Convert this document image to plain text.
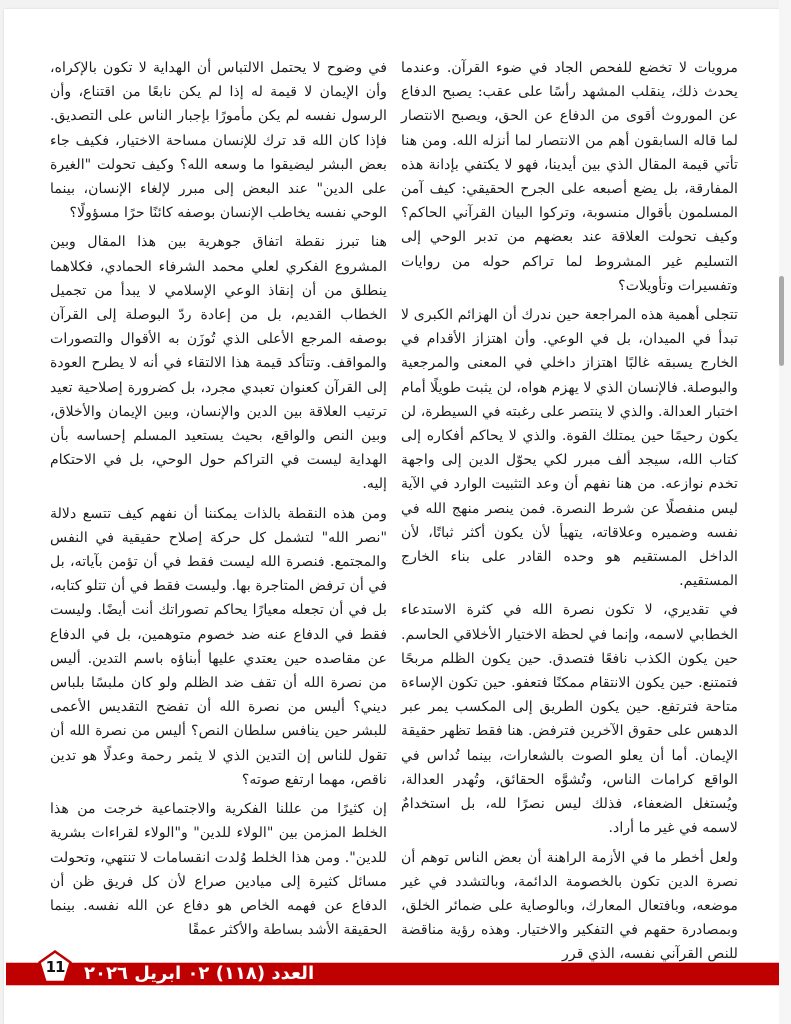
مرويات لا تخضع للفحص الجاد في ضوء القرآن. وعندما يحدث ذلك، ينقلب المشهد رأسًا على عقب: يصبح الدفاع عن الموروث أقوى من الدفاع عن الحق، ويصبح الانتصار لما قاله السابقون أهم من الانتصار لما أنزله الله. ومن هنا تأتي قيمة المقال الذي بين أيدينا، فهو لا يكتفي بإدانة هذه المفارقة، بل يضع أصبعه على الجرح الحقيقي: كيف آمن المسلمون بأقوال منسوبة، وتركوا البيان القرآني الحاكم؟ وكيف تحولت العلاقة عند بعضهم من تدبر الوحي إلى التسليم غير المشروط لما تراكم حوله من روايات وتفسيرات وتأويلات؟

تتجلى أهمية هذه المراجعة حين ندرك أن الهزائم الكبرى لا تبدأ في الميدان، بل في الوعي. وأن اهتزاز الأقدام في الخارج يسبقه غالبًا اهتزاز داخلي في المعنى والمرجعية والبوصلة. فالإنسان الذي لا يهزم هواه، لن يثبت طويلًا أمام اختبار العدالة. والذي لا ينتصر على رغبته في السيطرة، لن يكون رحيمًا حين يمتلك القوة. والذي لا يحاكم أفكاره إلى كتاب الله، سيجد ألف مبرر لكي يحوّل الدين إلى واجهة تخدم نوازعه. من هنا نفهم أن وعد التثبيت الوارد في الآية ليس منفصلًا عن شرط النصرة. فمن ينصر منهج الله في نفسه وضميره وعلاقاته، يتهيأ لأن يكون أكثر ثباتًا، لأن الداخل المستقيم هو وحده القادر على بناء الخارج المستقيم.

في تقديري، لا تكون نصرة الله في كثرة الاستدعاء الخطابي لاسمه، وإنما في لحظة الاختيار الأخلاقي الحاسم. حين يكون الكذب نافعًا فتصدق. حين يكون الظلم مربحًا فتمتنع. حين يكون الانتقام ممكنًا فتعفو. حين تكون الإساءة متاحة فترتفع. حين يكون الطريق إلى المكسب يمر عبر الدهس على حقوق الآخرين فترفض. هنا فقط تظهر حقيقة الإيمان. أما أن يعلو الصوت بالشعارات، بينما تُداس في الواقع كرامات الناس، وتُشوَّه الحقائق، وتُهدر العدالة، ويُستغل الضعفاء، فذلك ليس نصرًا لله، بل استخدامٌ لاسمه في غير ما أراد.

ولعل أخطر ما في الأزمة الراهنة أن بعض الناس توهم أن نصرة الدين تكون بالخصومة الدائمة، وبالتشدد في غير موضعه، وبافتعال المعارك، وبالوصاية على ضمائر الخلق، وبمصادرة حقهم في التفكير والاختيار. وهذه رؤية مناقضة للنص القرآني نفسه، الذي قرر

في وضوح لا يحتمل الالتباس أن الهداية لا تكون بالإكراه، وأن الإيمان لا قيمة له إذا لم يكن نابعًا من اقتناع، وأن الرسول نفسه لم يكن مأمورًا بإجبار الناس على التصديق. فإذا كان الله قد ترك للإنسان مساحة الاختيار، فكيف جاء بعض البشر ليضيقوا ما وسعه الله؟ وكيف تحولت "الغيرة على الدين" عند البعض إلى مبرر لإلغاء الإنسان، بينما الوحي نفسه يخاطب الإنسان بوصفه كائنًا حرًا مسؤولًا؟

هنا تبرز نقطة اتفاق جوهرية بين هذا المقال وبين المشروع الفكري لعلي محمد الشرفاء الحمادي، فكلاهما ينطلق من أن إنقاذ الوعي الإسلامي لا يبدأ من تجميل الخطاب القديم، بل من إعادة ردّ البوصلة إلى القرآن بوصفه المرجع الأعلى الذي تُوزَن به الأقوال والتصورات والمواقف. وتتأكد قيمة هذا الالتقاء في أنه لا يطرح العودة إلى القرآن كعنوان تعبدي مجرد، بل كضرورة إصلاحية تعيد ترتيب العلاقة بين الدين والإنسان، وبين الإيمان والأخلاق، وبين النص والواقع، بحيث يستعيد المسلم إحساسه بأن الهداية ليست في التراكم حول الوحي، بل في الاحتكام إليه.

ومن هذه النقطة بالذات يمكننا أن نفهم كيف تتسع دلالة "نصر الله" لتشمل كل حركة إصلاح حقيقية في النفس والمجتمع. فنصرة الله ليست فقط في أن تؤمن بآياته، بل في أن ترفض المتاجرة بها. وليست فقط في أن تتلو كتابه، بل في أن تجعله معيارًا يحاكم تصوراتك أنت أيضًا. وليست فقط في الدفاع عنه ضد خصوم متوهمين، بل في الدفاع عن مقاصده حين يعتدي عليها أبناؤه باسم التدين. أليس من نصرة الله أن تقف ضد الظلم ولو كان ملبسًا بلباس ديني؟ أليس من نصرة الله أن تفضح التقديس الأعمى للبشر حين ينافس سلطان النص؟ أليس من نصرة الله أن تقول للناس إن التدين الذي لا يثمر رحمة وعدلًا هو تدين ناقص، مهما ارتفع صوته؟

إن كثيرًا من عللنا الفكرية والاجتماعية خرجت من هذا الخلط المزمن بين "الولاء للدين" و"الولاء لقراءات بشرية للدين". ومن هذا الخلط وُلدت انقسامات لا تنتهي، وتحولت مسائل كثيرة إلى ميادين صراع لأن كل فريق ظن أن الدفاع عن فهمه الخاص هو دفاع عن الله نفسه. بينما الحقيقة الأشد بساطة والأكثر عمقًا

العدد (١١٨) ٠٢ ابريل ٢٠٢٦
11
